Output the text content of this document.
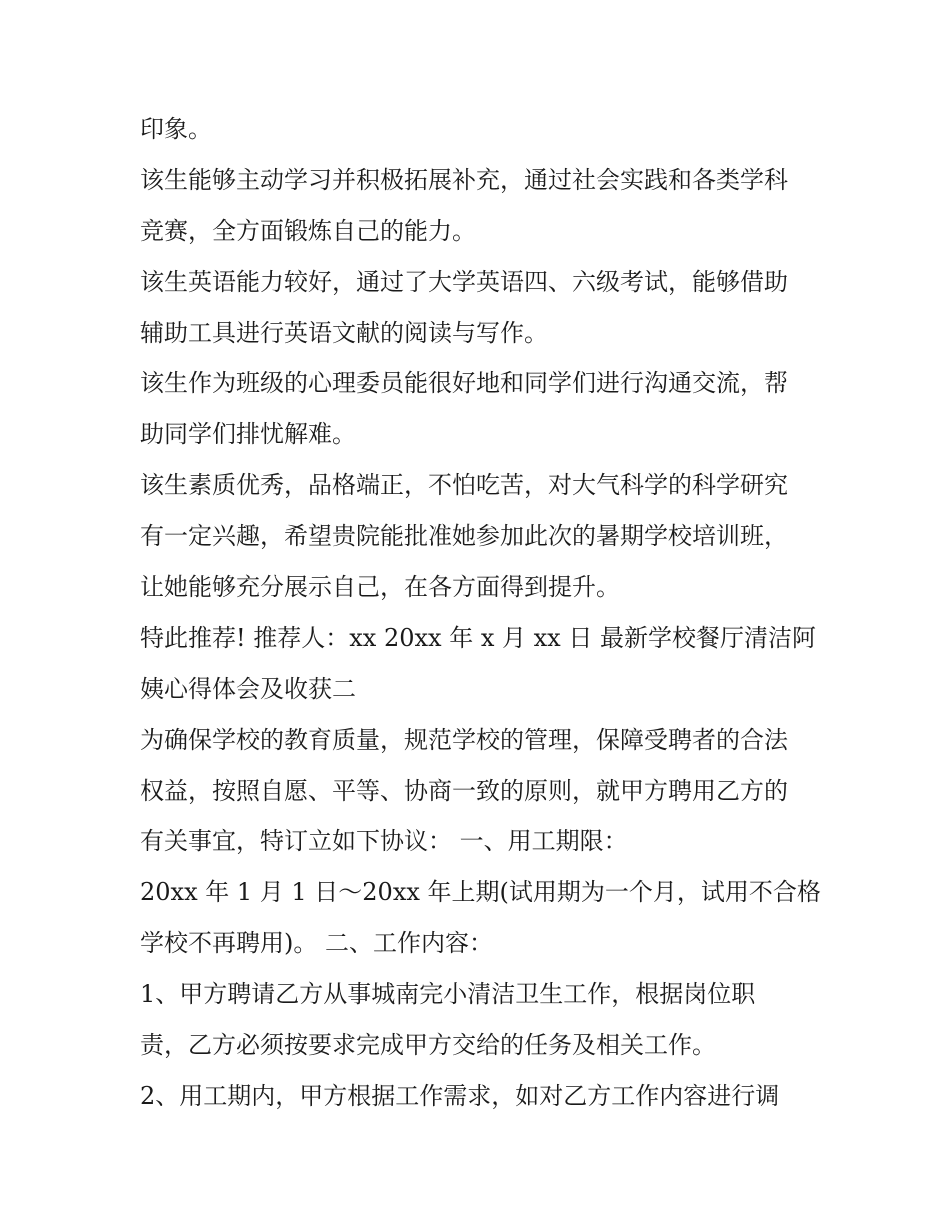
印象。
该生能够主动学习并积极拓展补充，通过社会实践和各类学科
竞赛，全方面锻炼自己的能力。
该生英语能力较好，通过了大学英语四、六级考试，能够借助
辅助工具进行英语文献的阅读与写作。
该生作为班级的心理委员能很好地和同学们进行沟通交流，帮
助同学们排忧解难。
该生素质优秀，品格端正，不怕吃苦，对大气科学的科学研究
有一定兴趣，希望贵院能批准她参加此次的暑期学校培训班，
让她能够充分展示自己，在各方面得到提升。
特此推荐! 推荐人：xx 20xx 年 x 月 xx 日 最新学校餐厅清洁阿
姨心得体会及收获二
为确保学校的教育质量，规范学校的管理，保障受聘者的合法
权益，按照自愿、平等、协商一致的原则，就甲方聘用乙方的
有关事宜，特订立如下协议： 一、用工期限：
20xx 年 1 月 1 日～20xx 年上期(试用期为一个月，试用不合格
学校不再聘用)。 二、工作内容：
1、甲方聘请乙方从事城南完小清洁卫生工作，根据岗位职
责，乙方必须按要求完成甲方交给的任务及相关工作。
2、用工期内，甲方根据工作需求，如对乙方工作内容进行调
